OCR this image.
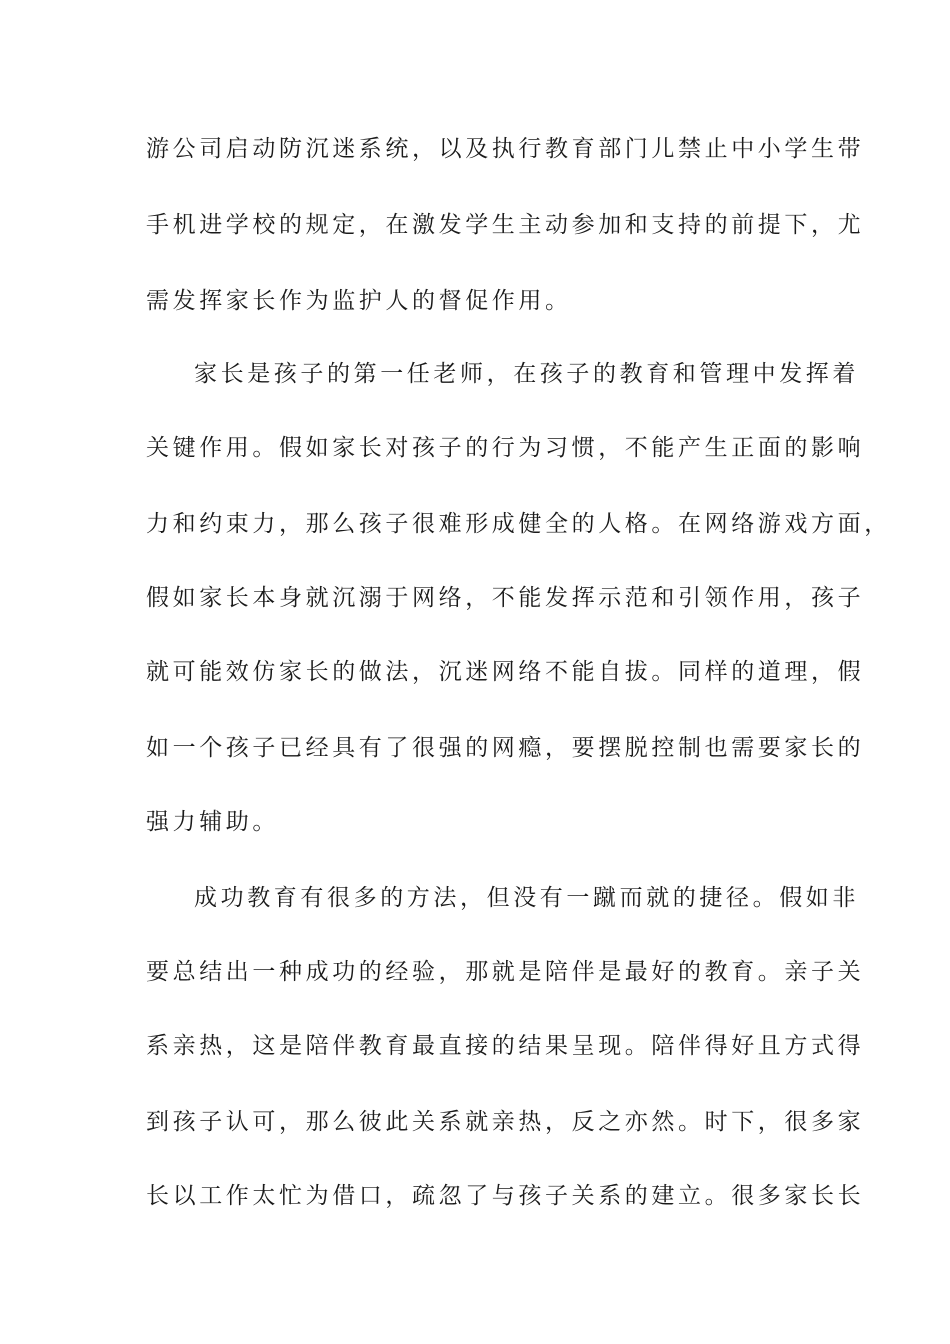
游公司启动防沉迷系统，以及执行教育部门儿禁止中小学生带
手机进学校的规定，在激发学生主动参加和支持的前提下，尤
需发挥家长作为监护人的督促作用。
家长是孩子的第一任老师，在孩子的教育和管理中发挥着
关键作用。假如家长对孩子的行为习惯，不能产生正面的影响
力和约束力，那么孩子很难形成健全的人格。在网络游戏方面，
假如家长本身就沉溺于网络，不能发挥示范和引领作用，孩子
就可能效仿家长的做法，沉迷网络不能自拔。同样的道理，假
如一个孩子已经具有了很强的网瘾，要摆脱控制也需要家长的
强力辅助。
成功教育有很多的方法，但没有一蹴而就的捷径。假如非
要总结出一种成功的经验，那就是陪伴是最好的教育。亲子关
系亲热，这是陪伴教育最直接的结果呈现。陪伴得好且方式得
到孩子认可，那么彼此关系就亲热，反之亦然。时下，很多家
长以工作太忙为借口，疏忽了与孩子关系的建立。很多家长长
